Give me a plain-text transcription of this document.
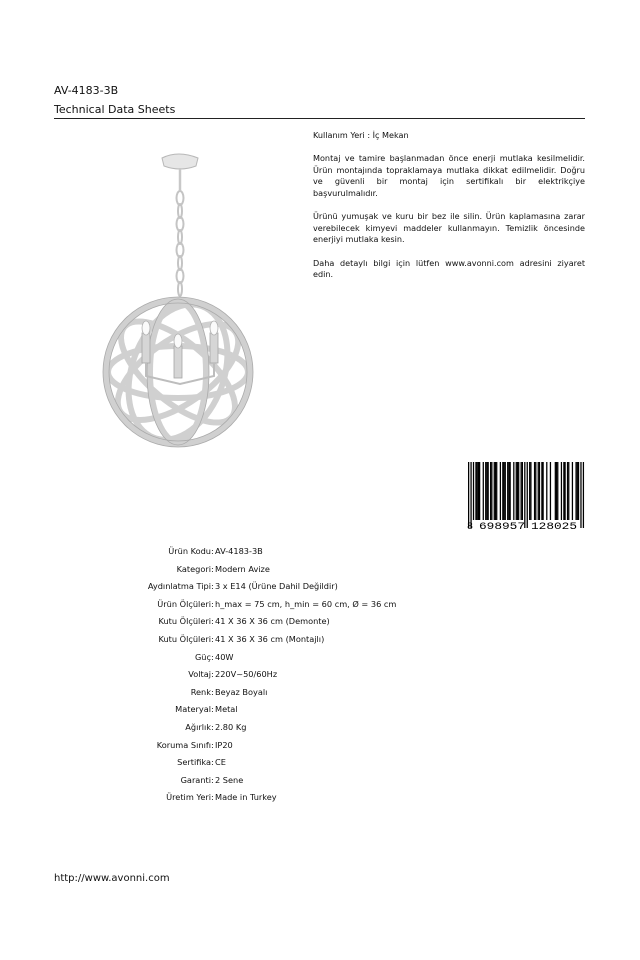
AV-4183-3B
Technical Data Sheets
Kullanım Yeri : İç Mekan

Montaj ve tamire başlanmadan önce enerji mutlaka kesilmelidir. Ürün montajında topraklamaya mutlaka dikkat edilmelidir. Doğru ve güvenli bir montaj için sertifikalı bir elektrikçiye başvurulmalıdır.

Ürünü yumuşak ve kuru bir bez ile silin. Ürün kaplamasına zarar verebilecek kimyevi maddeler kullanmayın. Temizlik öncesinde enerjiyi mutlaka kesin.

Daha detaylı bilgi için lütfen www.avonni.com adresini ziyaret edin.

8 698957 128025
Ürün Kodu : AV-4183-3B
Kategori : Modern Avize
Aydınlatma Tipi : 3 x E14 (Ürüne Dahil Değildir)
Ürün Ölçüleri : h_max = 75 cm, h_min = 60 cm, Ø = 36 cm
Kutu Ölçüleri : 41 X 36 X 36 cm (Demonte)
Kutu Ölçüleri : 41 X 36 X 36 cm (Montajlı)
Güç : 40W
Voltaj : 220V~50/60Hz
Renk : Beyaz Boyalı
Materyal : Metal
Ağırlık : 2.80 Kg
Koruma Sınıfı : IP20
Sertifika : CE
Garanti : 2 Sene
Üretim Yeri : Made in Turkey
http://www.avonni.com
